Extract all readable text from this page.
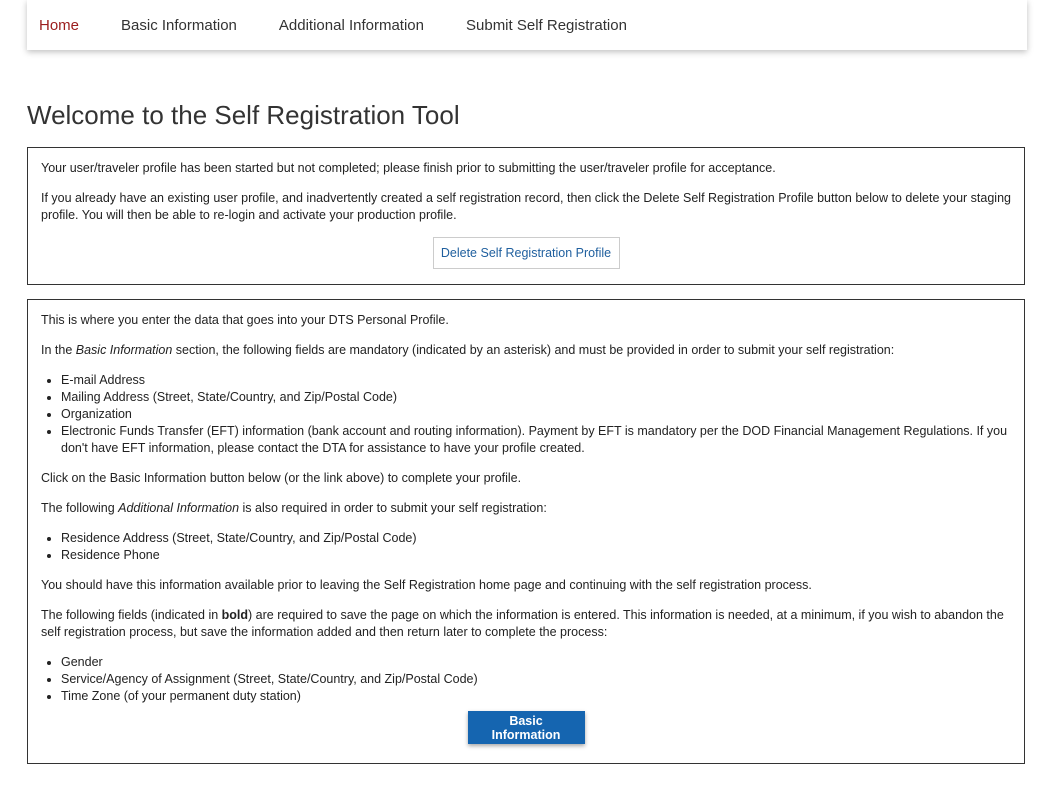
Home	Basic Information	Additional Information	Submit Self Registration
Welcome to the Self Registration Tool

Your user/traveler profile has been started but not completed; please finish prior to submitting the user/traveler profile for acceptance.

If you already have an existing user profile, and inadvertently created a self registration record, then click the Delete Self Registration Profile button below to delete your staging profile. You will then be able to re-login and activate your production profile.

Delete Self Registration Profile

This is where you enter the data that goes into your DTS Personal Profile.

In the Basic Information section, the following fields are mandatory (indicated by an asterisk) and must be provided in order to submit your self registration:

• E-mail Address
• Mailing Address (Street, State/Country, and Zip/Postal Code)
• Organization
• Electronic Funds Transfer (EFT) information (bank account and routing information). Payment by EFT is mandatory per the DOD Financial Management Regulations. If you don't have EFT information, please contact the DTA for assistance to have your profile created.

Click on the Basic Information button below (or the link above) to complete your profile.

The following Additional Information is also required in order to submit your self registration:

• Residence Address (Street, State/Country, and Zip/Postal Code)
• Residence Phone

You should have this information available prior to leaving the Self Registration home page and continuing with the self registration process.

The following fields (indicated in bold) are required to save the page on which the information is entered. This information is needed, at a minimum, if you wish to abandon the self registration process, but save the information added and then return later to complete the process:

• Gender
• Service/Agency of Assignment (Street, State/Country, and Zip/Postal Code)
• Time Zone (of your permanent duty station)
Basic Information
